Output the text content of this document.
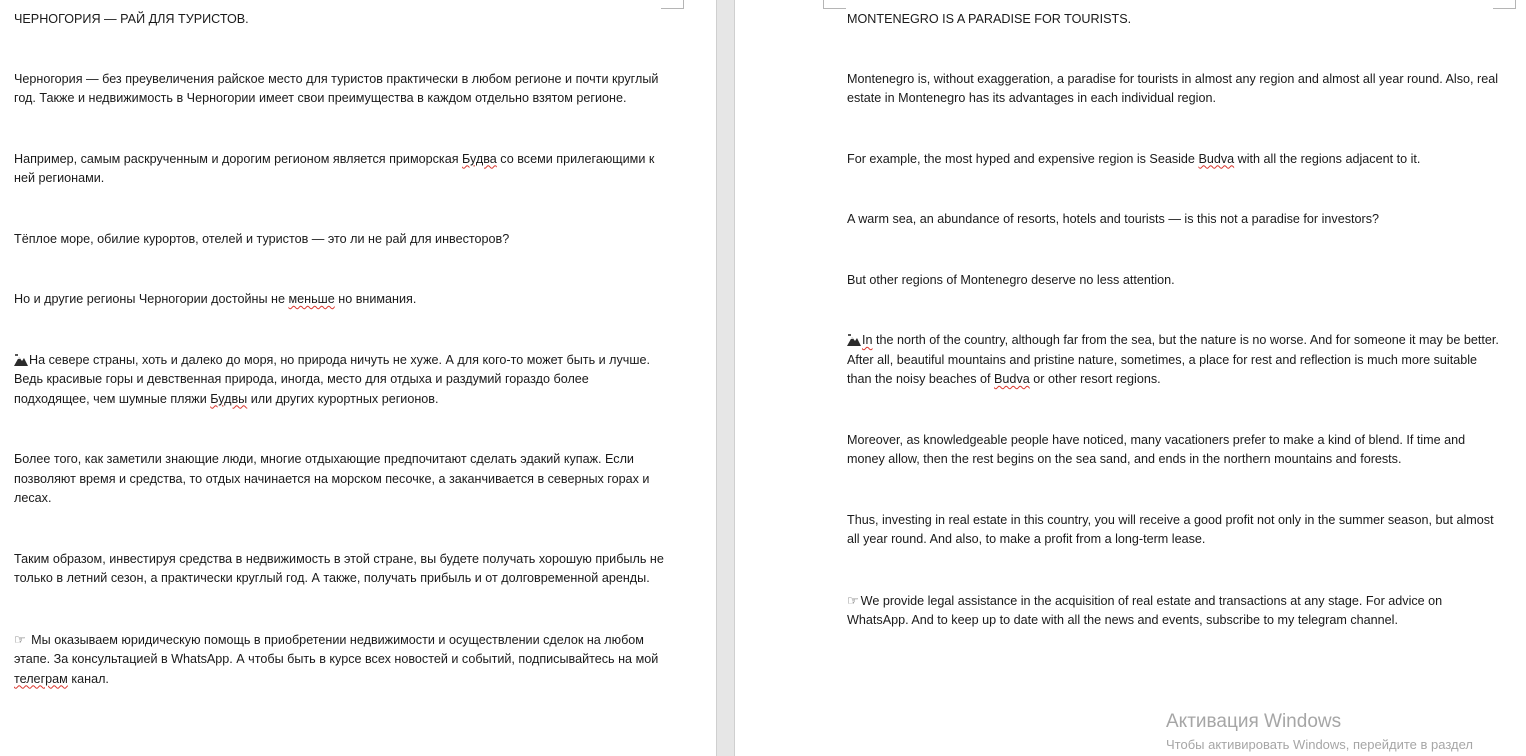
ЧЕРНОГОРИЯ — РАЙ ДЛЯ ТУРИСТОВ.

Черногория — без преувеличения райское место для туристов практически в любом регионе и почти круглый год. Также и недвижимость в Черногории имеет свои преимущества в каждом отдельно взятом регионе.

Например, самым раскрученным и дорогим регионом является приморская Будва со всеми прилегающими к ней регионами.

Тёплое море, обилие курортов, отелей и туристов — это ли не рай для инвесторов?

Но и другие регионы Черногории достойны не меньше но внимания.

На севере страны, хоть и далеко до моря, но природа ничуть не хуже. А для кого-то может быть и лучше. Ведь красивые горы и девственная природа, иногда, место для отдыха и раздумий гораздо более подходящее, чем шумные пляжи Будвы или других курортных регионов.

Более того, как заметили знающие люди, многие отдыхающие предпочитают сделать эдакий купаж. Если позволяют время и средства, то отдых начинается на морском песочке, а заканчивается в северных горах и лесах.

Таким образом, инвестируя средства в недвижимость в этой стране, вы будете получать хорошую прибыль не только в летний сезон, а практически круглый год. А также, получать прибыль и от долговременной аренды.

☞ Мы оказываем юридическую помощь в приобретении недвижимости и осуществлении сделок на любом этапе. За консультацией в WhatsApp. А чтобы быть в курсе всех новостей и событий, подписывайтесь на мой телеграм канал.

MONTENEGRO IS A PARADISE FOR TOURISTS.

Montenegro is, without exaggeration, a paradise for tourists in almost any region and almost all year round. Also, real estate in Montenegro has its advantages in each individual region.

For example, the most hyped and expensive region is Seaside Budva with all the regions adjacent to it.

A warm sea, an abundance of resorts, hotels and tourists — is this not a paradise for investors?

But other regions of Montenegro deserve no less attention.

In the north of the country, although far from the sea, but the nature is no worse. And for someone it may be better. After all, beautiful mountains and pristine nature, sometimes, a place for rest and reflection is much more suitable than the noisy beaches of Budva or other resort regions.

Moreover, as knowledgeable people have noticed, many vacationers prefer to make a kind of blend. If time and money allow, then the rest begins on the sea sand, and ends in the northern mountains and forests.

Thus, investing in real estate in this country, you will receive a good profit not only in the summer season, but almost all year round. And also, to make a profit from a long-term lease.

☞ We provide legal assistance in the acquisition of real estate and transactions at any stage. For advice on WhatsApp. And to keep up to date with all the news and events, subscribe to my telegram channel.

Активация Windows
Чтобы активировать Windows, перейдите в раздел
